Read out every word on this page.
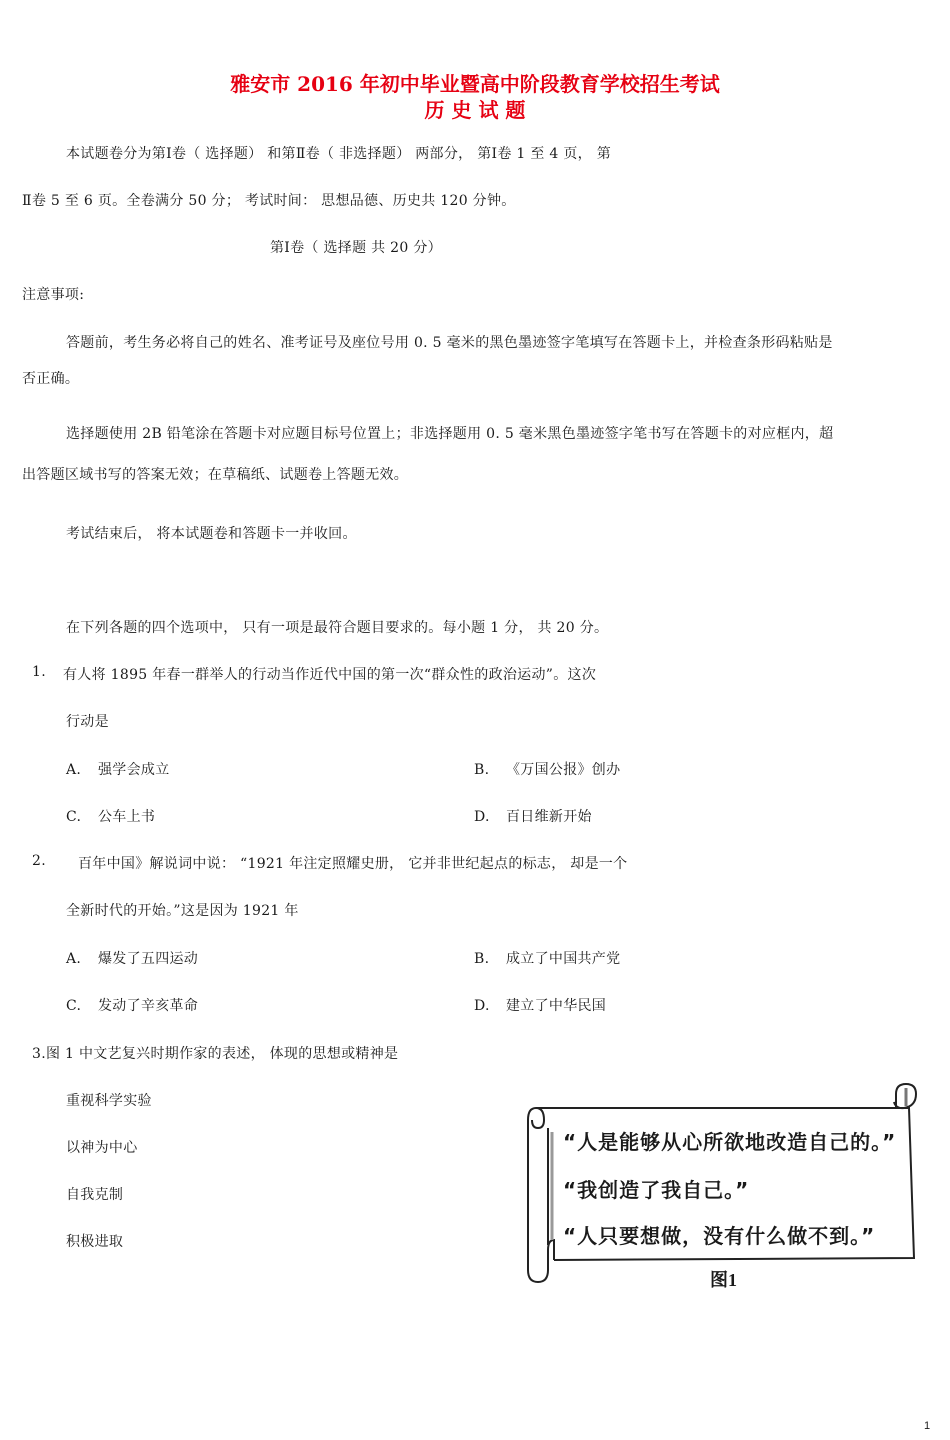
雅安市 2016 年初中毕业暨高中阶段教育学校招生考试
历 史 试 题
本试题卷分为第Ⅰ卷（ 选择题） 和第Ⅱ卷（ 非选择题） 两部分， 第Ⅰ卷 1 至 4 页， 第
Ⅱ卷 5 至 6 页。全卷满分 50 分； 考试时间： 思想品德、历史共 120 分钟。
第Ⅰ卷（ 选择题 共 20 分）
注意事项:
答题前，考生务必将自己的姓名、准考证号及座位号用 0. 5 毫米的黑色墨迹签字笔填写在答题卡上，并检查条形码粘贴是
否正确。
选择题使用 2B 铅笔涂在答题卡对应题目标号位置上；非选择题用 0. 5 毫米黑色墨迹签字笔书写在答题卡的对应框内，超
出答题区域书写的答案无效；在草稿纸、试题卷上答题无效。
考试结束后， 将本试题卷和答题卡一并收回。
在下列各题的四个选项中， 只有一项是最符合题目要求的。每小题 1 分， 共 20 分。
1. 有人将 1895 年春一群举人的行动当作近代中国的第一次“群众性的政治运动”。这次
行动是
A. 强学会成立	B. 《万国公报》创办
C. 公车上书	D. 百日维新开始
2. 百年中国》解说词中说： “1921 年注定照耀史册， 它并非世纪起点的标志， 却是一个
全新时代的开始。”这是因为 1921 年
A. 爆发了五四运动	B. 成立了中国共产党
C. 发动了辛亥革命	D. 建立了中华民国
3.图 1 中文艺复兴时期作家的表述， 体现的思想或精神是
重视科学实验
以神为中心
自我克制
积极进取
“人是能够从心所欲地改造自己的。”
“我创造了我自己。”
“人只要想做，没有什么做不到。”
图1
1
